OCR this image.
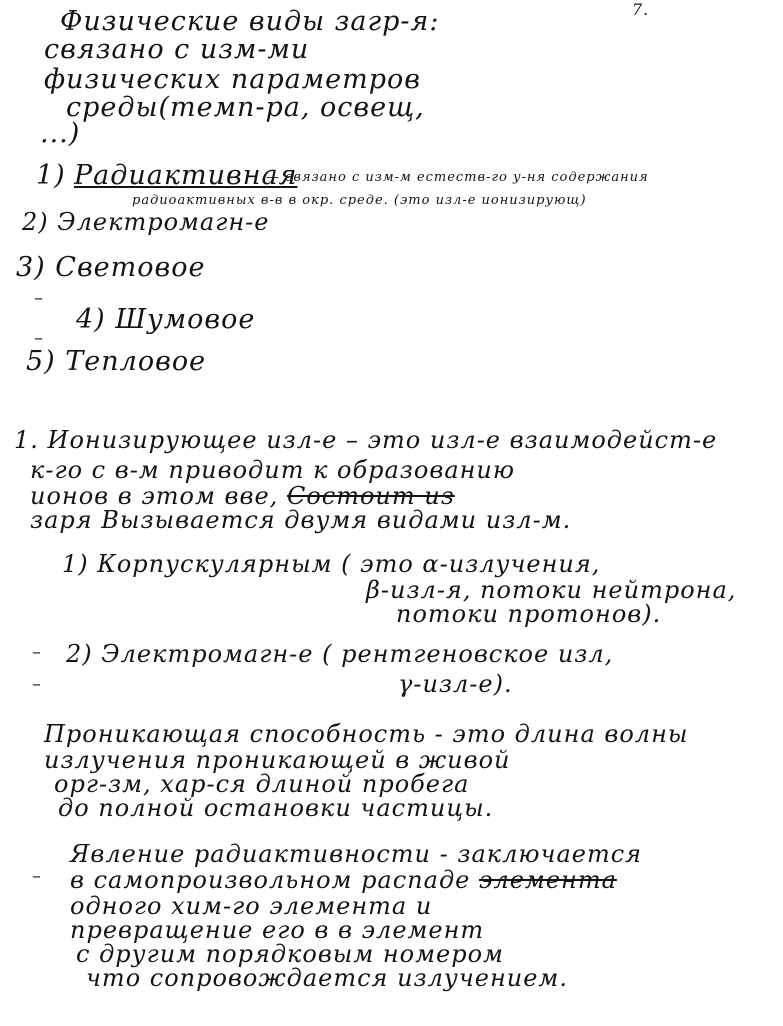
7.
Физические виды загр-я:
связано с изм-ми
физических параметров
среды(темп-ра, освещ,
...)
1) Радиактивная
— связано с изм-м естеств-го у-ня содержания
радиоактивных в-в в окр. среде. (это изл-е ионизирующ)
2) Электромагн-е
3) Световое
–
4) Шумовое
–
5) Тепловое
1. Ионизирующее изл-е – это изл-е взаимодейст-е
к-го с в-м приводит к образованию
ионов в этом вве, Состоит из
заря Вызывается двумя видами изл-м.
1) Корпускулярным ( это α-излучения,
β-изл-я, потоки нейтрона,
потоки протонов).
– 2) Электромагн-е ( рентгеновское изл,
–	γ-изл-е).
Проникающая способность - это длина волны
излучения проникающей в живой
орг-зм, хар-ся длиной пробега
до полной остановки частицы.
Явление радиактивности - заключается
– в самопроизвольном распаде элемента
одного хим-го элемента и
превращение его в в элемент
с другим порядковым номером
что сопровождается излучением.
